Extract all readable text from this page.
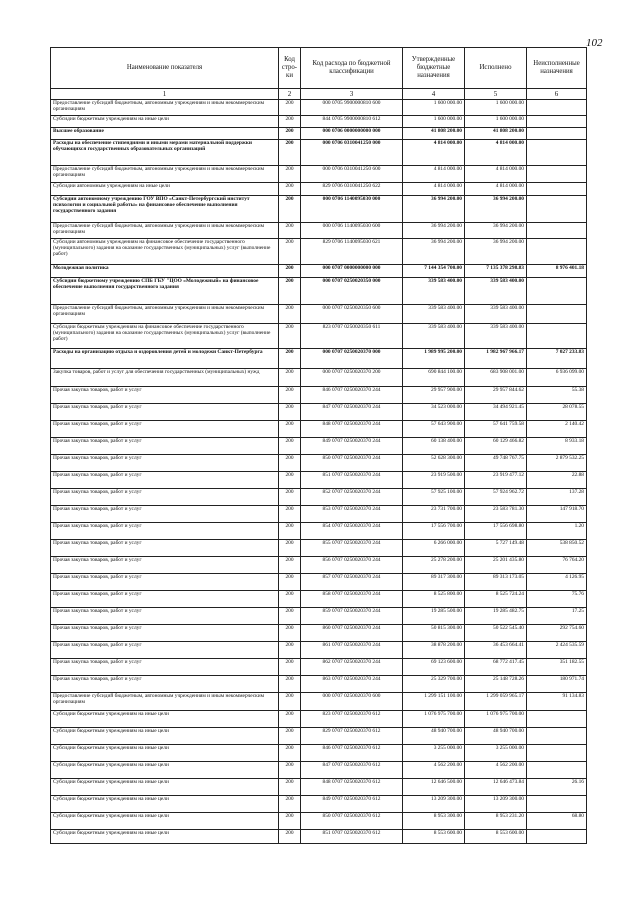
102
Наименование показателя	Код стро-ки	Код расхода по бюджетной классификации	Утвержденные бюджетные назначения	Исполнено	Неисполненные назначения
1	2	3	4	5	6
Предоставление субсидий бюджетным, автономным учреждениям и иным некоммерческим организациям	200	000 0705 9900000810 600	1 600 000.00	1 600 000.00	
Субсидии бюджетным учреждениям на иные цели	200	844 0705 9900000810 612	1 600 000.00	1 600 000.00	
Высшее образование	200	000 0706 0000000000 000	41 808 200.00	41 808 200.00	
Расходы на обеспечение стипендиями и иными мерами материальной поддержки обучающихся государственных образовательных организаций	200	000 0706 0310041250 000	4 814 000.00	4 814 000.00	
Предоставление субсидий бюджетным, автономным учреждениям и иным некоммерческим организациям	200	000 0706 0310041250 600	4 814 000.00	4 814 000.00	
Субсидии автономным учреждениям на иные цели	200	829 0706 0310041250 622	4 814 000.00	4 814 000.00	
Субсидии автономному учреждению ГОУ ВПО «Санкт-Петербургский институт психологии и социальной работы» на финансовое обеспечение выполнения государственного задания	200	000 0706 1140095030 000	36 994 200.00	36 994 200.00	
Предоставление субсидий бюджетным, автономным учреждениям и иным некоммерческим организациям	200	000 0706 1140095030 600	36 994 200.00	36 994 200.00	
Субсидии автономным учреждениям на финансовое обеспечение государственного (муниципального) задания на оказание государственных (муниципальных) услуг (выполнение работ)	200	829 0706 1140095030 621	36 994 200.00	36 994 200.00	
Молодежная политика	200	000 0707 0000000000 000	7 144 354 700.00	7 135 378 298.83	8 976 401.18
Субсидии бюджетному учреждению СПБ ГБУ "ЦОО «Молодежный» на финансовое обеспечение выполнения государственного задания	200	000 0707 0250020350 000	339 583 400.00	339 583 400.00	
Предоставление субсидий бюджетным, автономным учреждениям и иным некоммерческим организациям	200	000 0707 0250020350 600	339 583 400.00	339 583 400.00	
Субсидии бюджетным учреждениям на финансовое обеспечение государственного (муниципального) задания на оказание государственных (муниципальных) услуг (выполнение работ)	200	823 0707 0250020350 611	339 583 400.00	339 583 400.00	
Расходы на организацию отдыха и оздоровления детей и молодежи Санкт-Петербурга	200	000 0707 0250020370 000	1 989 995 200.00	1 982 967 966.17	7 027 233.83
Закупка товаров, работ и услуг для обеспечения государственных (муниципальных) нужд	200	000 0707 0250020370 200	690 844 100.00	683 908 001.00	6 936 099.00
Прочая закупка товаров, работ и услуг	200	846 0707 0250020370 244	29 957 900.00	29 957 844.62	55.38
Прочая закупка товаров, работ и услуг	200	847 0707 0250020370 244	34 523 000.00	34 494 921.45	28 078.55
Прочая закупка товаров, работ и услуг	200	848 0707 0250020370 244	57 643 900.00	57 641 759.58	2 140.42
Прочая закупка товаров, работ и услуг	200	849 0707 0250020370 244	60 138 400.00	60 129 466.82	8 933.18
Прочая закупка товаров, работ и услуг	200	850 0707 0250020370 244	52 628 300.00	49 748 767.75	2 879 532.25
Прочая закупка товаров, работ и услуг	200	851 0707 0250020370 244	23 919 500.00	23 919 477.12	22.88
Прочая закупка товаров, работ и услуг	200	852 0707 0250020370 244	57 925 100.00	57 924 962.72	137.28
Прочая закупка товаров, работ и услуг	200	853 0707 0250020370 244	23 731 700.00	23 583 781.30	147 918.70
Прочая закупка товаров, работ и услуг	200	854 0707 0250020370 244	17 556 700.00	17 556 698.80	1.20
Прочая закупка товаров, работ и услуг	200	855 0707 0250020370 244	6 266 000.00	5 727 149.48	538 850.52
Прочая закупка товаров, работ и услуг	200	856 0707 0250020370 244	25 278 200.00	25 201 435.80	76 764.20
Прочая закупка товаров, работ и услуг	200	857 0707 0250020370 244	89 317 300.00	89 313 173.05	4 126.95
Прочая закупка товаров, работ и услуг	200	858 0707 0250020370 244	8 525 800.00	8 525 724.24	75.76
Прочая закупка товаров, работ и услуг	200	859 0707 0250020370 244	19 285 500.00	19 285 482.75	17.25
Прочая закупка товаров, работ и услуг	200	860 0707 0250020370 244	50 815 300.00	50 522 545.40	292 754.60
Прочая закупка товаров, работ и услуг	200	861 0707 0250020370 244	38 878 200.00	36 453 664.41	2 424 535.59
Прочая закупка товаров, работ и услуг	200	862 0707 0250020370 244	69 123 600.00	68 772 417.45	351 182.55
Прочая закупка товаров, работ и услуг	200	863 0707 0250020370 244	25 329 700.00	25 148 728.26	180 971.74
Предоставление субсидий бюджетным, автономным учреждениям и иным некоммерческим организациям	200	000 0707 0250020370 600	1 299 151 100.00	1 299 059 965.17	91 134.83
Субсидии бюджетным учреждениям на иные цели	200	823 0707 0250020370 612	1 076 975 700.00	1 076 975 700.00	
Субсидии бюджетным учреждениям на иные цели	200	829 0707 0250020370 612	48 940 700.00	48 940 700.00	
Субсидии бюджетным учреждениям на иные цели	200	846 0707 0250020370 612	3 255 000.00	3 255 000.00	
Субсидии бюджетным учреждениям на иные цели	200	847 0707 0250020370 612	4 562 200.00	4 562 200.00	
Субсидии бюджетным учреждениям на иные цели	200	848 0707 0250020370 612	12 646 500.00	12 646 473.84	26.16
Субсидии бюджетным учреждениям на иные цели	200	849 0707 0250020370 612	13 209 300.00	13 209 300.00	
Субсидии бюджетным учреждениям на иные цели	200	850 0707 0250020370 612	8 953 300.00	8 953 231.20	68.80
Субсидии бюджетным учреждениям на иные цели	200	851 0707 0250020370 612	8 553 600.00	8 553 600.00	
